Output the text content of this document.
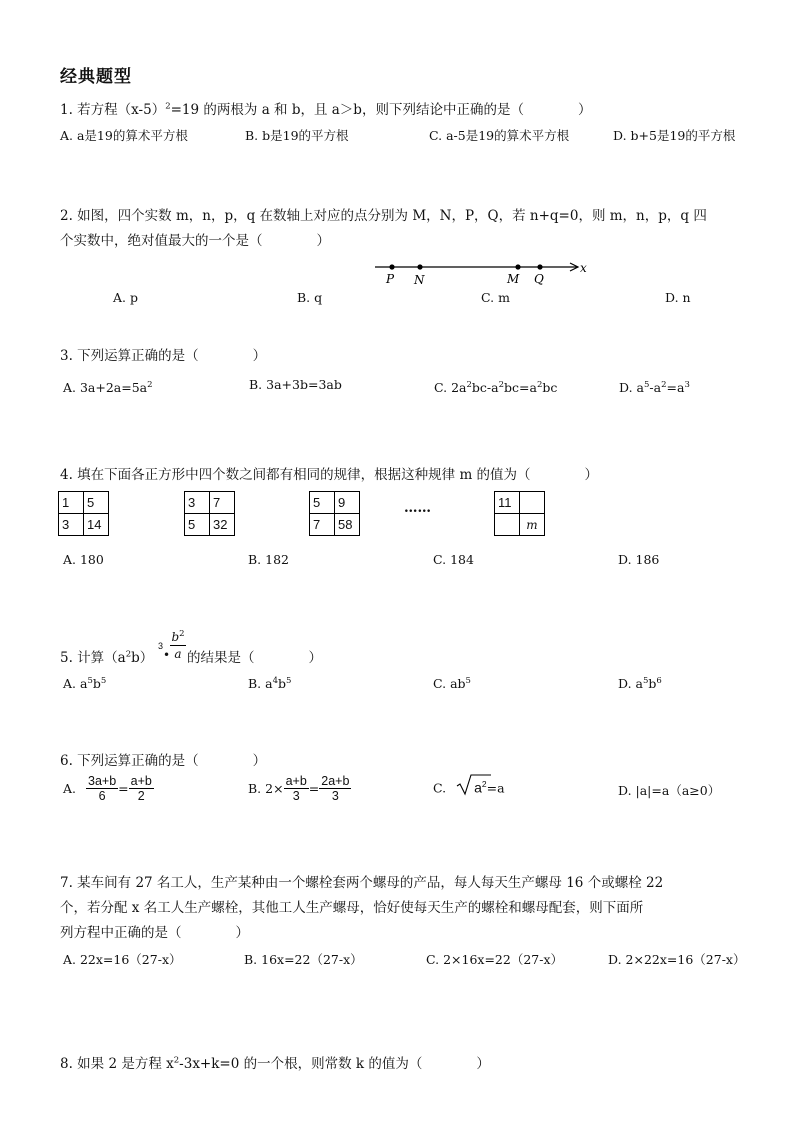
经典题型
1. 若方程$(x-5)^2=19$ 的两根为 a 和 b，且 a＞b，则下列结论中正确的是（　　　　）
A. a是19的算术平方根	B. b是19的平方根	C. a-5是19的算术平方根	D. b+5是19的平方根
2. 如图，四个实数 m，n，p，q 在数轴上对应的点分别为 M，N，P，Q，若 n+q=0，则 m，n，p，q 四
个实数中，绝对值最大的一个是（　　　　）
P N	M Q
x
A. p	B. q	C. m	D. n
3. 下列运算正确的是（　　　　）
A. $3a+2a=5a^2$	B. 3a+3b=3ab	C. $2a^2bc-a^2bc=a^2bc$	D. $a^5-a^2=a^3$
4. 填在下面各正方形中四个数之间都有相同的规律，根据这种规律 m 的值为（　　　　）
1	5
3	14
3	7
5	32
5	9
7	58
……	11	
	m
A. 180	B. 182	C. 184	D. 186
5. 计算$(a^2b)$
3
• $\frac{b^2}{a}$ 的结果是（　　　　）
A. $a^5b^5$	B. $a^4b^5$	C. $ab^5$	D. $a^5b^6$
6. 下列运算正确的是（　　　　）
A. $\frac{3a+b}{6} = \frac{a+b}{2}$	B. $2\times \frac{a+b}{3} = \frac{2a+b}{3}$	C. $a^2=a$	D. |a|=a（a≥0）
7. 某车间有 27 名工人，生产某种由一个螺栓套两个螺母的产品，每人每天生产螺母 16 个或螺栓 22
个，若分配 x 名工人生产螺栓，其他工人生产螺母，恰好使每天生产的螺栓和螺母配套，则下面所
列方程中正确的是（　　　　）
A. 22x=16（27-x）	B. 16x=22（27-x）	C. 2×16x=22（27-x）	D. 2×22x=16（27-x）
8. 如果 2 是方程 $x^2-3x+k=0$ 的一个根，则常数 k 的值为（　　　　）
